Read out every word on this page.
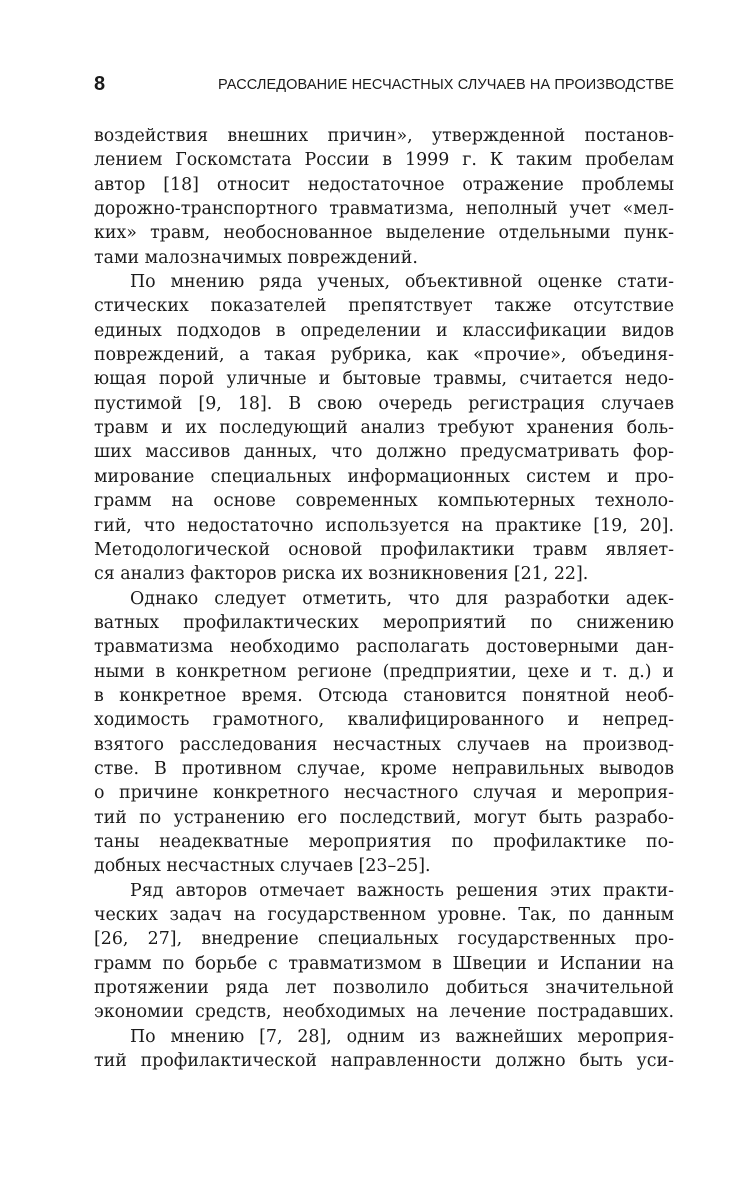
8	РАССЛЕДОВАНИЕ НЕСЧАСТНЫХ СЛУЧАЕВ НА ПРОИЗВОДСТВЕ
воздействия внешних причин», утвержденной постанов-
лением Госкомстата России в 1999 г. К таким пробелам
автор [18] относит недостаточное отражение проблемы
дорожно-транспортного травматизма, неполный учет «мел-
ких» травм, необоснованное выделение отдельными пунк-
тами малозначимых повреждений.
По мнению ряда ученых, объективной оценке стати-
стических показателей препятствует также отсутствие
единых подходов в определении и классификации видов
повреждений, а такая рубрика, как «прочие», объединя-
ющая порой уличные и бытовые травмы, считается недо-
пустимой [9, 18]. В свою очередь регистрация случаев
травм и их последующий анализ требуют хранения боль-
ших массивов данных, что должно предусматривать фор-
мирование специальных информационных систем и про-
грамм на основе современных компьютерных техноло-
гий, что недостаточно используется на практике [19, 20].
Методологической основой профилактики травм являет-
ся анализ факторов риска их возникновения [21, 22].
Однако следует отметить, что для разработки адек-
ватных профилактических мероприятий по снижению
травматизма необходимо располагать достоверными дан-
ными в конкретном регионе (предприятии, цехе и т. д.) и
в конкретное время. Отсюда становится понятной необ-
ходимость грамотного, квалифицированного и непред-
взятого расследования несчастных случаев на производ-
стве. В противном случае, кроме неправильных выводов
о причине конкретного несчастного случая и мероприя-
тий по устранению его последствий, могут быть разрабо-
таны неадекватные мероприятия по профилактике по-
добных несчастных случаев [23–25].
Ряд авторов отмечает важность решения этих практи-
ческих задач на государственном уровне. Так, по данным
[26, 27], внедрение специальных государственных про-
грамм по борьбе с травматизмом в Швеции и Испании на
протяжении ряда лет позволило добиться значительной
экономии средств, необходимых на лечение пострадавших.
По мнению [7, 28], одним из важнейших мероприя-
тий профилактической направленности должно быть уси-
